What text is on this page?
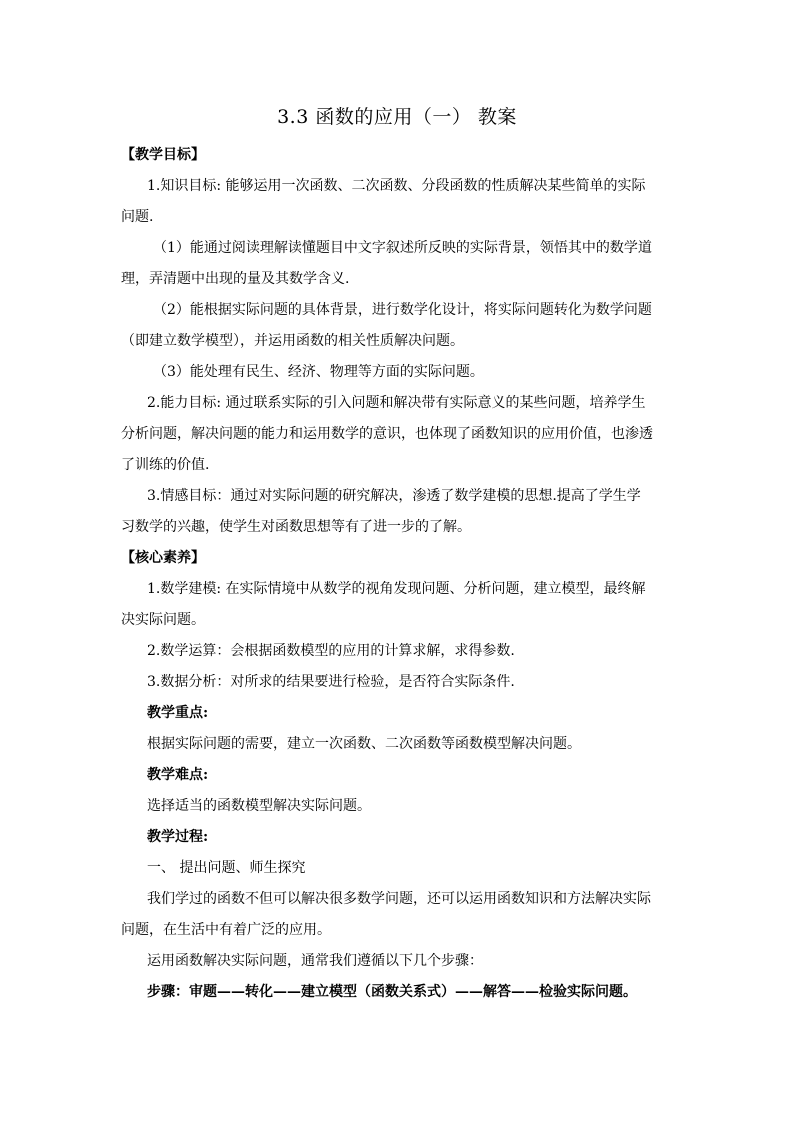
3.3 函数的应用（一） 教案
【教学目标】
1.知识目标: 能够运用一次函数、二次函数、分段函数的性质解决某些简单的实际
问题.
（1）能通过阅读理解读懂题目中文字叙述所反映的实际背景，领悟其中的数学道
理，弄清题中出现的量及其数学含义.
（2）能根据实际问题的具体背景，进行数学化设计，将实际问题转化为数学问题
（即建立数学模型），并运用函数的相关性质解决问题。
（3）能处理有民生、经济、物理等方面的实际问题。
2.能力目标: 通过联系实际的引入问题和解决带有实际意义的某些问题，培养学生
分析问题，解决问题的能力和运用数学的意识，也体现了函数知识的应用价值，也渗透
了训练的价值.
3.情感目标：通过对实际问题的研究解决，渗透了数学建模的思想.提高了学生学
习数学的兴趣，使学生对函数思想等有了进一步的了解。
【核心素养】
1.数学建模: 在实际情境中从数学的视角发现问题、分析问题，建立模型，最终解
决实际问题。
2.数学运算：会根据函数模型的应用的计算求解，求得参数.
3.数据分析：对所求的结果要进行检验，是否符合实际条件.
教学重点:
根据实际问题的需要，建立一次函数、二次函数等函数模型解决问题。
教学难点:
选择适当的函数模型解决实际问题。
教学过程:
一、 提出问题、师生探究
我们学过的函数不但可以解决很多数学问题，还可以运用函数知识和方法解决实际
问题，在生活中有着广泛的应用。
运用函数解决实际问题，通常我们遵循以下几个步骤：
步骤：审题——转化——建立模型（函数关系式）——解答——检验实际问题。
